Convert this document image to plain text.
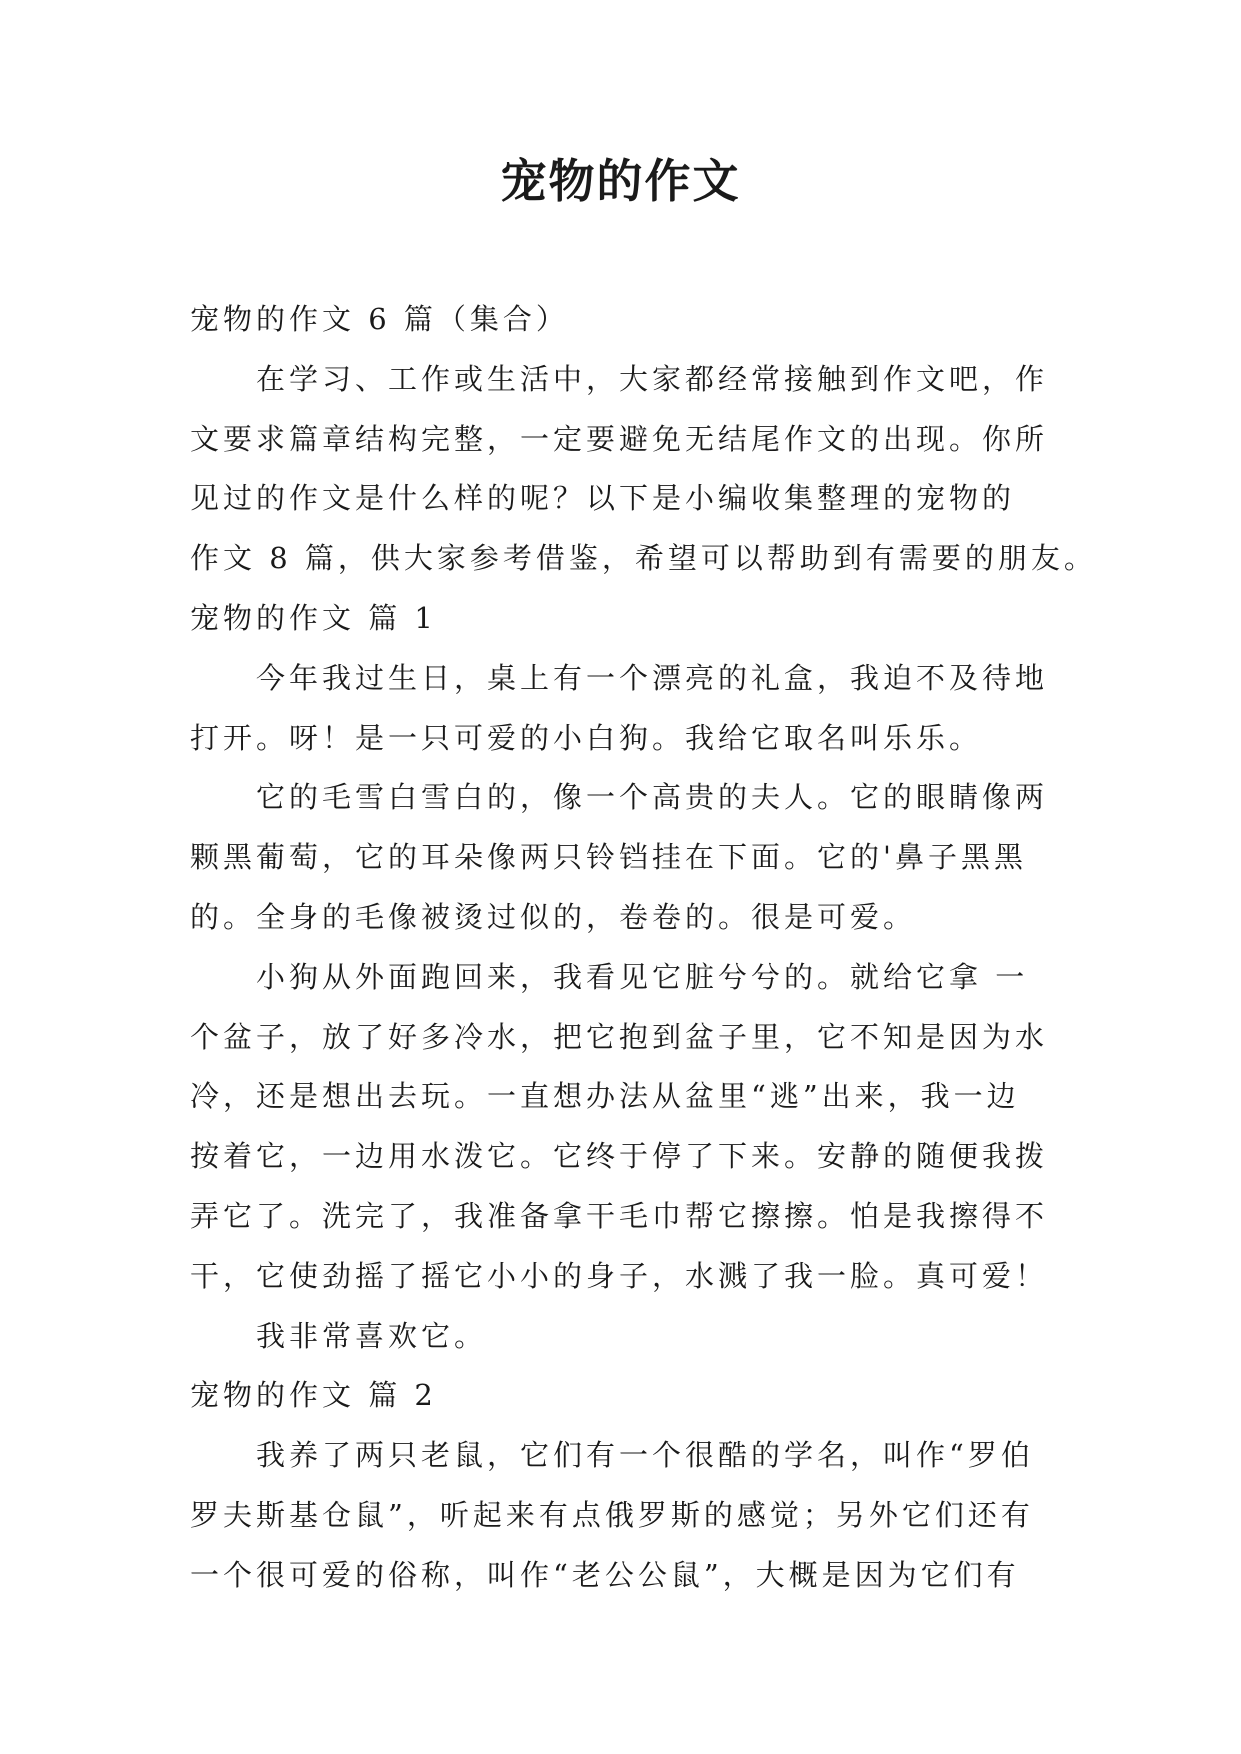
宠物的作文
宠物的作文 6 篇（集合）
在学习、工作或生活中，大家都经常接触到作文吧，作
文要求篇章结构完整，一定要避免无结尾作文的出现。你所
见过的作文是什么样的呢？以下是小编收集整理的宠物的
作文 8 篇，供大家参考借鉴，希望可以帮助到有需要的朋友。
宠物的作文 篇 1
今年我过生日，桌上有一个漂亮的礼盒，我迫不及待地
打开。呀！是一只可爱的小白狗。我给它取名叫乐乐。
它的毛雪白雪白的，像一个高贵的夫人。它的眼睛像两
颗黑葡萄，它的耳朵像两只铃铛挂在下面。它的'鼻子黑黑
的。全身的毛像被烫过似的，卷卷的。很是可爱。
小狗从外面跑回来，我看见它脏兮兮的。就给它拿 一
个盆子，放了好多冷水，把它抱到盆子里，它不知是因为水
冷，还是想出去玩。一直想办法从盆里“逃”出来，我一边
按着它，一边用水泼它。它终于停了下来。安静的随便我拨
弄它了。洗完了，我准备拿干毛巾帮它擦擦。怕是我擦得不
干，它使劲摇了摇它小小的身子，水溅了我一脸。真可爱！
我非常喜欢它。
宠物的作文 篇 2
我养了两只老鼠，它们有一个很酷的学名，叫作“罗伯
罗夫斯基仓鼠”，听起来有点俄罗斯的感觉；另外它们还有
一个很可爱的俗称，叫作“老公公鼠”，大概是因为它们有
